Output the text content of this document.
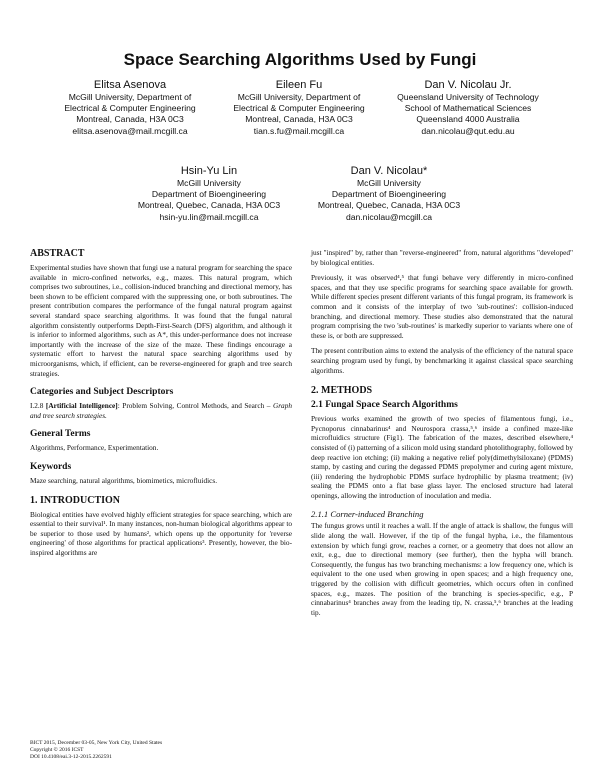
Space Searching Algorithms Used by Fungi
Elitsa Asenova
McGill University, Department of
Electrical & Computer Engineering
Montreal, Canada, H3A 0C3
elitsa.asenova@mail.mcgill.ca
Eileen Fu
McGill University, Department of
Electrical & Computer Engineering
Montreal, Canada, H3A 0C3
tian.s.fu@mail.mcgill.ca
Dan V. Nicolau Jr.
Queensland University of Technology
School of Mathematical Sciences
Queensland 4000 Australia
dan.nicolau@qut.edu.au
Hsin-Yu Lin
McGill University
Department of Bioengineering
Montreal, Quebec, Canada, H3A 0C3
hsin-yu.lin@mail.mcgill.ca
Dan V. Nicolau*
McGill University
Department of Bioengineering
Montreal, Quebec, Canada, H3A 0C3
dan.nicolau@mcgill.ca
ABSTRACT

Experimental studies have shown that fungi use a natural program for searching the space available in micro-confined networks, e.g., mazes. This natural program, which comprises two subroutines, i.e., collision-induced branching and directional memory, has been shown to be efficient compared with the suppressing one, or both subroutines. The present contribution compares the performance of the fungal natural program against several standard space searching algorithms. It was found that the fungal natural algorithm consistently outperforms Depth-First-Search (DFS) algorithm, and although it is inferior to informed algorithms, such as A*, this under-performance does not increase importantly with the increase of the size of the maze. These findings encourage a systematic effort to harvest the natural space searching algorithms used by microorganisms, which, if efficient, can be reverse-engineered for graph and tree search strategies.

Categories and Subject Descriptors

I.2.8 [Artificial Intelligence]: Problem Solving, Control Methods, and Search – Graph and tree search strategies.

General Terms

Algorithms, Performance, Experimentation.

Keywords

Maze searching, natural algorithms, biomimetics, microfluidics.

1. INTRODUCTION

Biological entities have evolved highly efficient strategies for space searching, which are essential to their survival¹. In many instances, non-human biological algorithms appear to be superior to those used by humans², which opens up the opportunity for 'reverse engineering' of those algorithms for practical applications³. Presently, however, the bio-inspired algorithms are

just "inspired" by, rather than "reverse-engineered" from, natural algorithms "developed" by biological entities.

Previously, it was observed⁴,⁵ that fungi behave very differently in micro-confined spaces, and that they use specific programs for searching space available for growth. While different species present different variants of this fungal program, its framework is common and it consists of the interplay of two 'sub-routines': collision-induced branching, and directional memory. These studies also demonstrated that the natural program comprising the two 'sub-routines' is markedly superior to variants where one of these is, or both are suppressed.

The present contribution aims to extend the analysis of the efficiency of the natural space searching program used by fungi, by benchmarking it against classical space searching algorithms.

2. METHODS
2.1 Fungal Space Search Algorithms

Previous works examined the growth of two species of filamentous fungi, i.e., Pycnoporus cinnabarinus⁴ and Neurospora crassa,⁵,⁶ inside a confined maze-like microfluidics structure (Fig1). The fabrication of the mazes, described elsewhere,⁴ consisted of (i) patterning of a silicon mold using standard photolithography, followed by deep reactive ion etching; (ii) making a negative relief poly(dimethylsiloxane) (PDMS) stamp, by casting and curing the degassed PDMS prepolymer and curing agent mixture, (iii) rendering the hydrophobic PDMS surface hydrophilic by plasma treatment; (iv) sealing the PDMS onto a flat base glass layer. The enclosed structure had lateral openings, allowing the introduction of inoculation and media.

2.1.1 Corner-induced Branching

The fungus grows until it reaches a wall. If the angle of attack is shallow, the fungus will slide along the wall. However, if the tip of the fungal hypha, i.e., the filamentous extension by which fungi grow, reaches a corner, or a geometry that does not allow an exit, e.g., due to directional memory (see further), then the hypha will branch. Consequently, the fungus has two branching mechanisms: a low frequency one, which is equivalent to the one used when growing in open spaces; and a high frequency one, triggered by the collision with difficult geometries, which occurs often in confined spaces, e.g., mazes. The position of the branching is species-specific, e.g., P cinnabarinus⁴ branches away from the leading tip, N. crassa,⁵,⁶ branches at the leading tip.

BICT 2015, December 03-05, New York City, United States
Copyright © 2016 ICST
DOI 10.4108/eai.3-12-2015.2262591
